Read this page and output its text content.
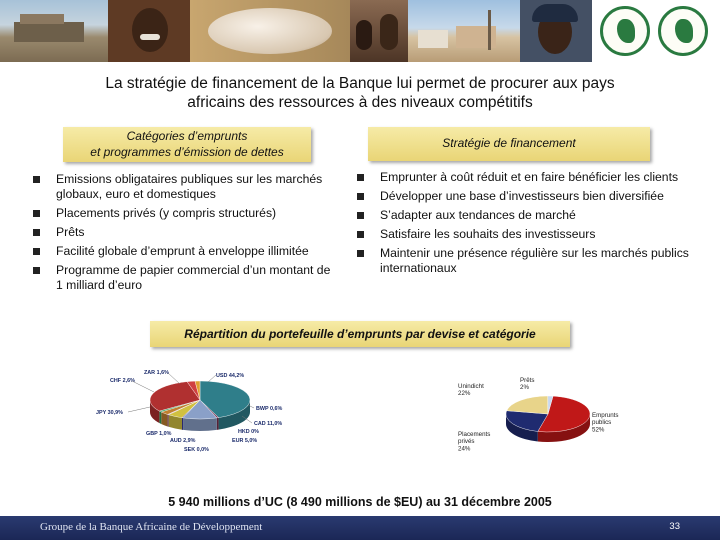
La stratégie de financement de la Banque lui permet de procurer aux pays
africains des ressources à des niveaux compétitifs
Catégories d’emprunts
et programmes d’émission de dettes
Stratégie de financement
Emissions obligataires publiques sur les marchés globaux, euro et domestiques
Placements privés (y compris structurés)
Prêts
Facilité globale d’emprunt à enveloppe illimitée
Programme de papier commercial d’un montant de 1 milliard d’euro
Emprunter à coût réduit et en faire bénéficier les clients
Développer une base d’investisseurs bien diversifiée
S’adapter aux tendances de marché
Satisfaire les souhaits des investisseurs
Maintenir une présence régulière sur les marchés publics internationaux
Répartition du portefeuille d’emprunts par devise et catégorie
USD 44,2%
BWP 0,6%
CAD 11,0%
HKD 0%
EUR 5,0%
SEK 0,0%
AUD 2,9%
GBP 1,0%
JPY 30,9%
CHF 2,6%
ZAR 1,6%
Emprunts publics 52%
Placements privés 24%
Unindicht 22%
Prêts 2%
5 940 millions d’UC (8 490 millions de $EU) au 31 décembre 2005
Groupe de la Banque Africaine de Développement	33
